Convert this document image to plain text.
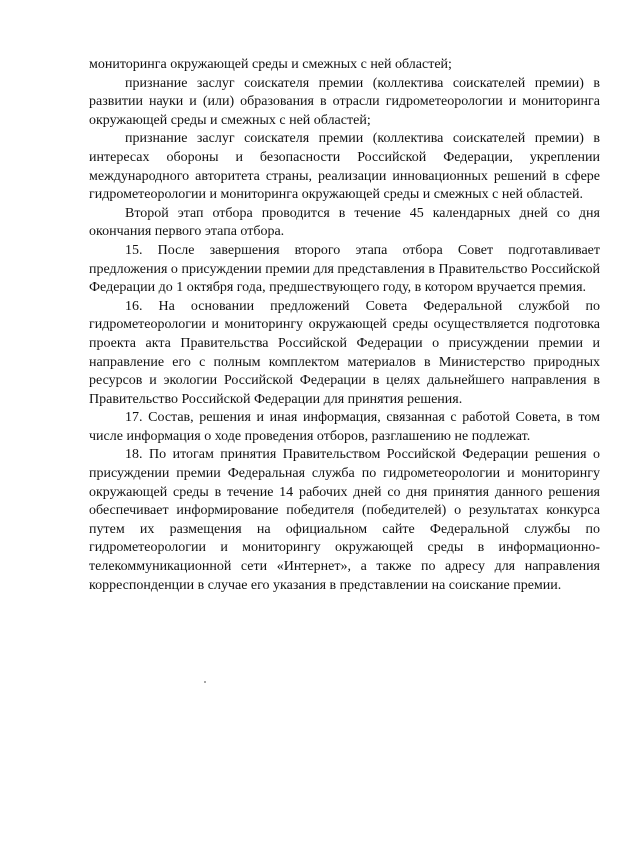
мониторинга окружающей среды и смежных с ней областей;

признание заслуг соискателя премии (коллектива соискателей премии) в развитии науки и (или) образования в отрасли гидрометеорологии и мониторинга окружающей среды и смежных с ней областей;

признание заслуг соискателя премии (коллектива соискателей премии) в интересах обороны и безопасности Российской Федерации, укреплении международного авторитета страны, реализации инновационных решений в сфере гидрометеорологии и мониторинга окружающей среды и смежных с ней областей.

Второй этап отбора проводится в течение 45 календарных дней со дня окончания первого этапа отбора.

15. После завершения второго этапа отбора Совет подготавливает предложения о присуждении премии для представления в Правительство Российской Федерации до 1 октября года, предшествующего году, в котором вручается премия.

16. На основании предложений Совета Федеральной службой по гидрометеорологии и мониторингу окружающей среды осуществляется подготовка проекта акта Правительства Российской Федерации о присуждении премии и направление его с полным комплектом материалов в Министерство природных ресурсов и экологии Российской Федерации в целях дальнейшего направления в Правительство Российской Федерации для принятия решения.

17. Состав, решения и иная информация, связанная с работой Совета, в том числе информация о ходе проведения отборов, разглашению не подлежат.

18. По итогам принятия Правительством Российской Федерации решения о присуждении премии Федеральная служба по гидрометеорологии и мониторингу окружающей среды в течение 14 рабочих дней со дня принятия данного решения обеспечивает информирование победителя (победителей) о результатах конкурса путем их размещения на официальном сайте Федеральной службы по гидрометеорологии и мониторингу окружающей среды в информационно-телекоммуникационной сети «Интернет», а также по адресу для направления корреспонденции в случае его указания в представлении на соискание премии.
